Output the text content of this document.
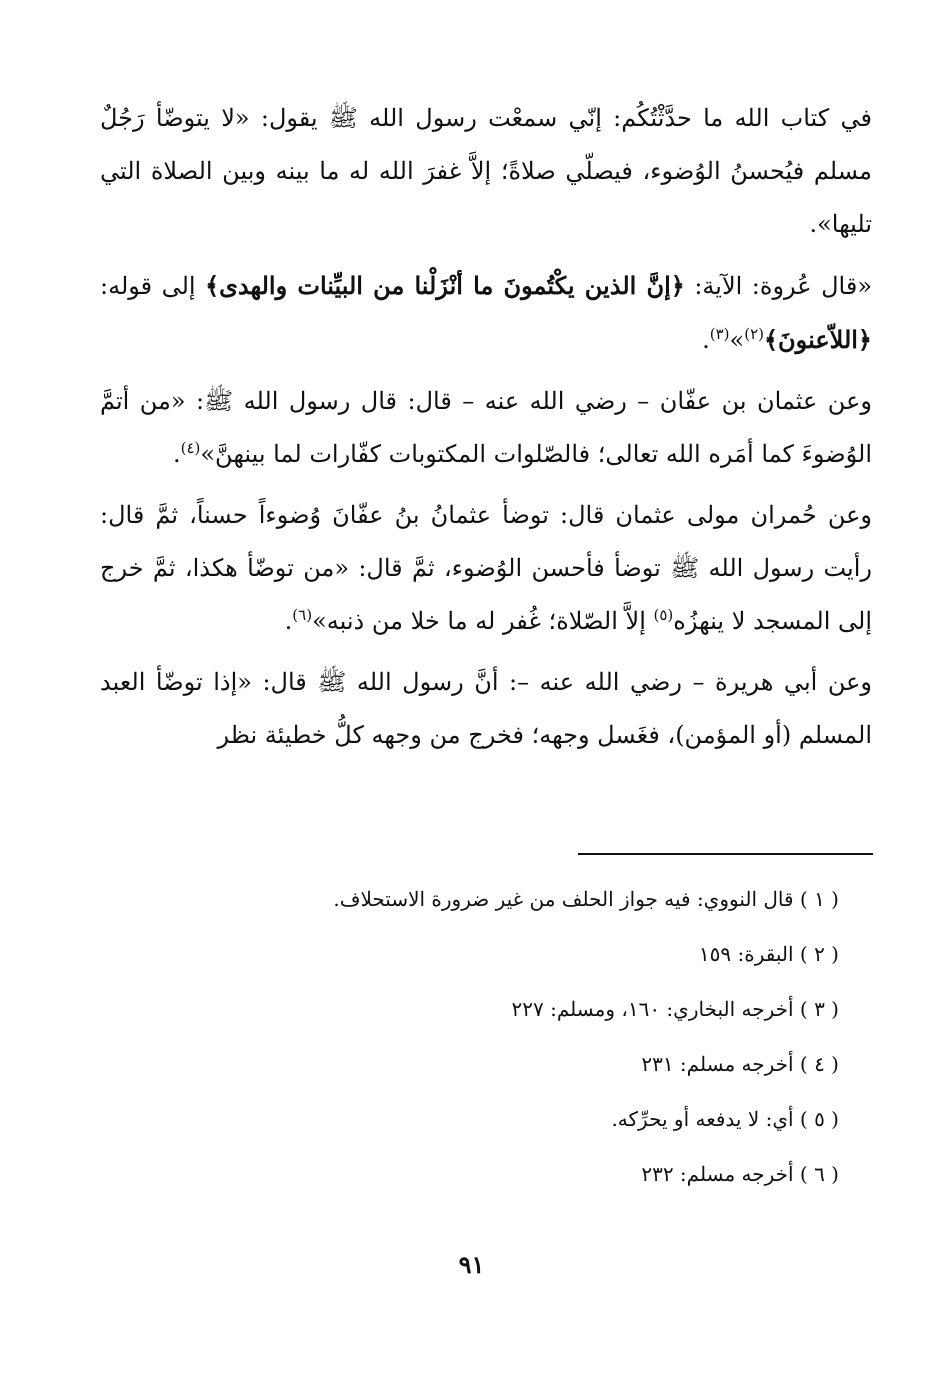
في كتاب الله ما حدَّثْتُكُم: إنّي سمعْت رسول الله ﷺ يقول: «لا يتوضّأ رَجُلٌ مسلم فيُحسنُ الوُضوء، فيصلّي صلاةً؛ إلاَّ غفرَ الله له ما بينه وبين الصلاة التي تليها».

«قال عُروة: الآية: ﴿إنَّ الذين يكْتُمونَ ما أنْزَلْنا من البيِّنات والهدى﴾ إلى قوله: ﴿اللاّعنونَ﴾$^{(٢)}$»$^{(٣)}$.

وعن عثمان بن عفّان – رضي الله عنه – قال: قال رسول الله ﷺ: «من أتمَّ الوُضوءَ كما أمَره الله تعالى؛ فالصّلوات المكتوبات كفّارات لما بينهنَّ»$^{(٤)}$.

وعن حُمران مولى عثمان قال: توضأ عثمانُ بنُ عفّانَ وُضوءاً حسناً، ثمَّ قال: رأيت رسول الله ﷺ توضأ فأحسن الوُضوء، ثمَّ قال: «من توضّأ هكذا، ثمَّ خرج إلى المسجد لا ينهزُه$^{(٥)}$ إلاَّ الصّلاة؛ غُفر له ما خلا من ذنبه»$^{(٦)}$.

وعن أبي هريرة – رضي الله عنه –: أنَّ رسول الله ﷺ قال: «إذا توضّأ العبد المسلم (أو المؤمن)، فغَسل وجهه؛ فخرج من وجهه كلُّ خطيئة نظر

( ١ ) قال النووي: فيه جواز الحلف من غير ضرورة الاستحلاف.

( ٢ ) البقرة: ١٥٩

( ٣ ) أخرجه البخاري: ١٦٠، ومسلم: ٢٢٧

( ٤ ) أخرجه مسلم: ٢٣١

( ٥ ) أي: لا يدفعه أو يحرِّكه.

( ٦ ) أخرجه مسلم: ٢٣٢

٩١
